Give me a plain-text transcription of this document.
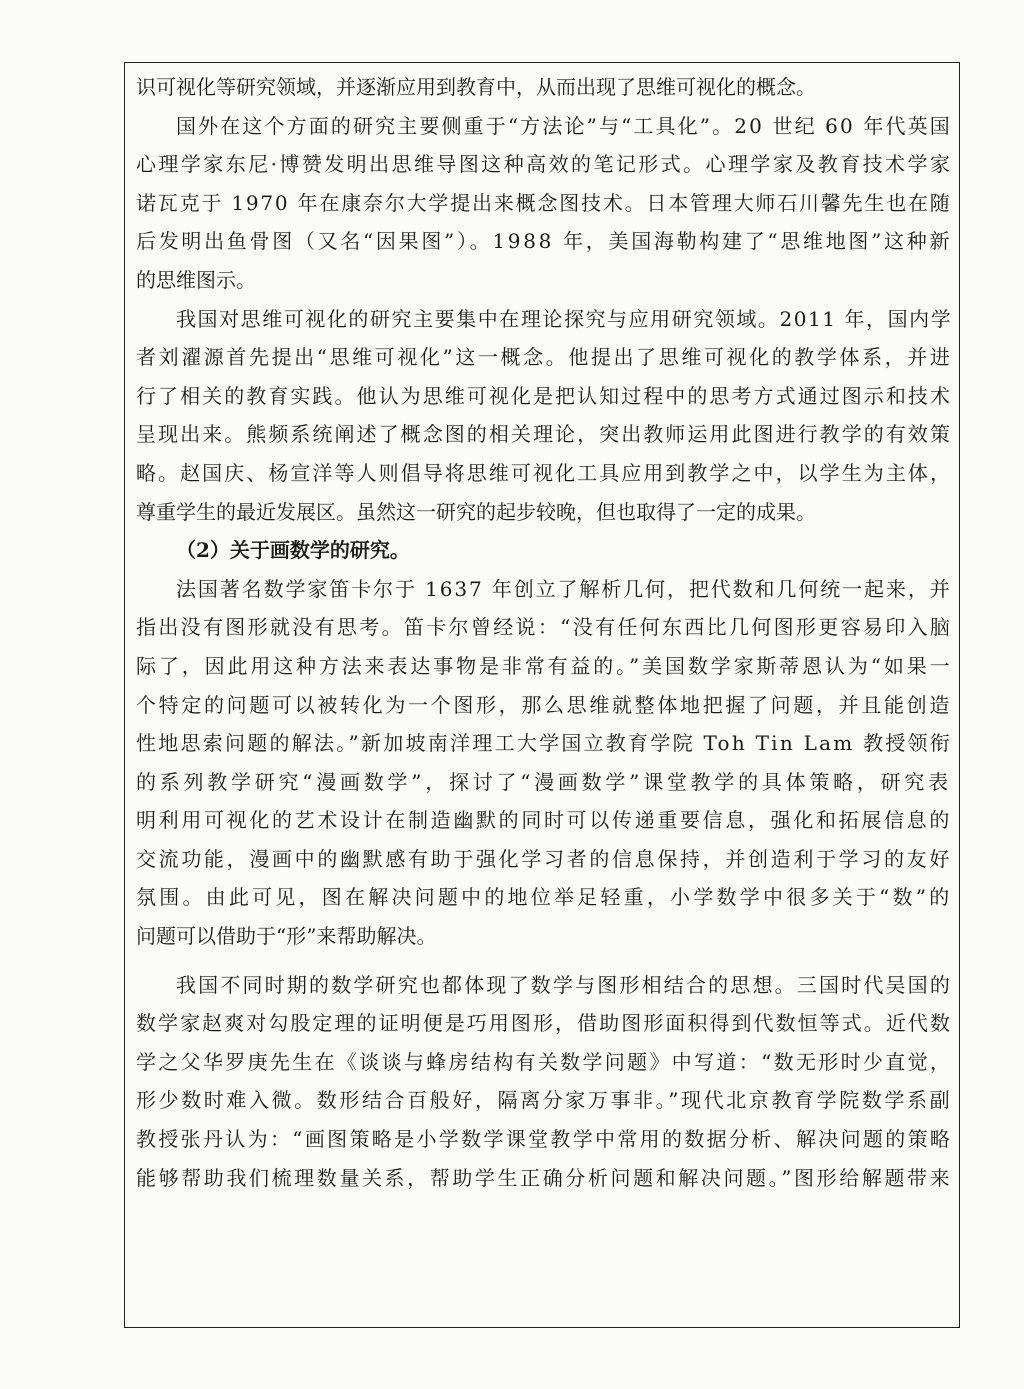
识可视化等研究领域，并逐渐应用到教育中，从而出现了思维可视化的概念。
国外在这个方面的研究主要侧重于“方法论”与“工具化”。20 世纪 60 年代英国
心理学家东尼·博赞发明出思维导图这种高效的笔记形式。心理学家及教育技术学家
诺瓦克于 1970 年在康奈尔大学提出来概念图技术。日本管理大师石川馨先生也在随
后发明出鱼骨图（又名“因果图”）。1988 年，美国海勒构建了“思维地图”这种新
的思维图示。
我国对思维可视化的研究主要集中在理论探究与应用研究领域。2011 年，国内学
者刘濯源首先提出“思维可视化”这一概念。他提出了思维可视化的教学体系，并进
行了相关的教育实践。他认为思维可视化是把认知过程中的思考方式通过图示和技术
呈现出来。熊频系统阐述了概念图的相关理论，突出教师运用此图进行教学的有效策
略。赵国庆、杨宣洋等人则倡导将思维可视化工具应用到教学之中，以学生为主体，
尊重学生的最近发展区。虽然这一研究的起步较晚，但也取得了一定的成果。
（2）关于画数学的研究。
法国著名数学家笛卡尔于 1637 年创立了解析几何，把代数和几何统一起来，并
指出没有图形就没有思考。笛卡尔曾经说：“没有任何东西比几何图形更容易印入脑
际了，因此用这种方法来表达事物是非常有益的。”美国数学家斯蒂恩认为“如果一
个特定的问题可以被转化为一个图形，那么思维就整体地把握了问题，并且能创造
性地思索问题的解法。”新加坡南洋理工大学国立教育学院 Toh Tin Lam 教授领衔
的系列教学研究“漫画数学”，探讨了“漫画数学”课堂教学的具体策略，研究表
明利用可视化的艺术设计在制造幽默的同时可以传递重要信息，强化和拓展信息的
交流功能，漫画中的幽默感有助于强化学习者的信息保持，并创造利于学习的友好
氛围。由此可见，图在解决问题中的地位举足轻重，小学数学中很多关于“数”的
问题可以借助于“形”来帮助解决。
我国不同时期的数学研究也都体现了数学与图形相结合的思想。三国时代吴国的
数学家赵爽对勾股定理的证明便是巧用图形，借助图形面积得到代数恒等式。近代数
学之父华罗庚先生在《谈谈与蜂房结构有关数学问题》中写道：“数无形时少直觉，
形少数时难入微。数形结合百般好，隔离分家万事非。”现代北京教育学院数学系副
教授张丹认为：“画图策略是小学数学课堂教学中常用的数据分析、解决问题的策略
能够帮助我们梳理数量关系，帮助学生正确分析问题和解决问题。”图形给解题带来
